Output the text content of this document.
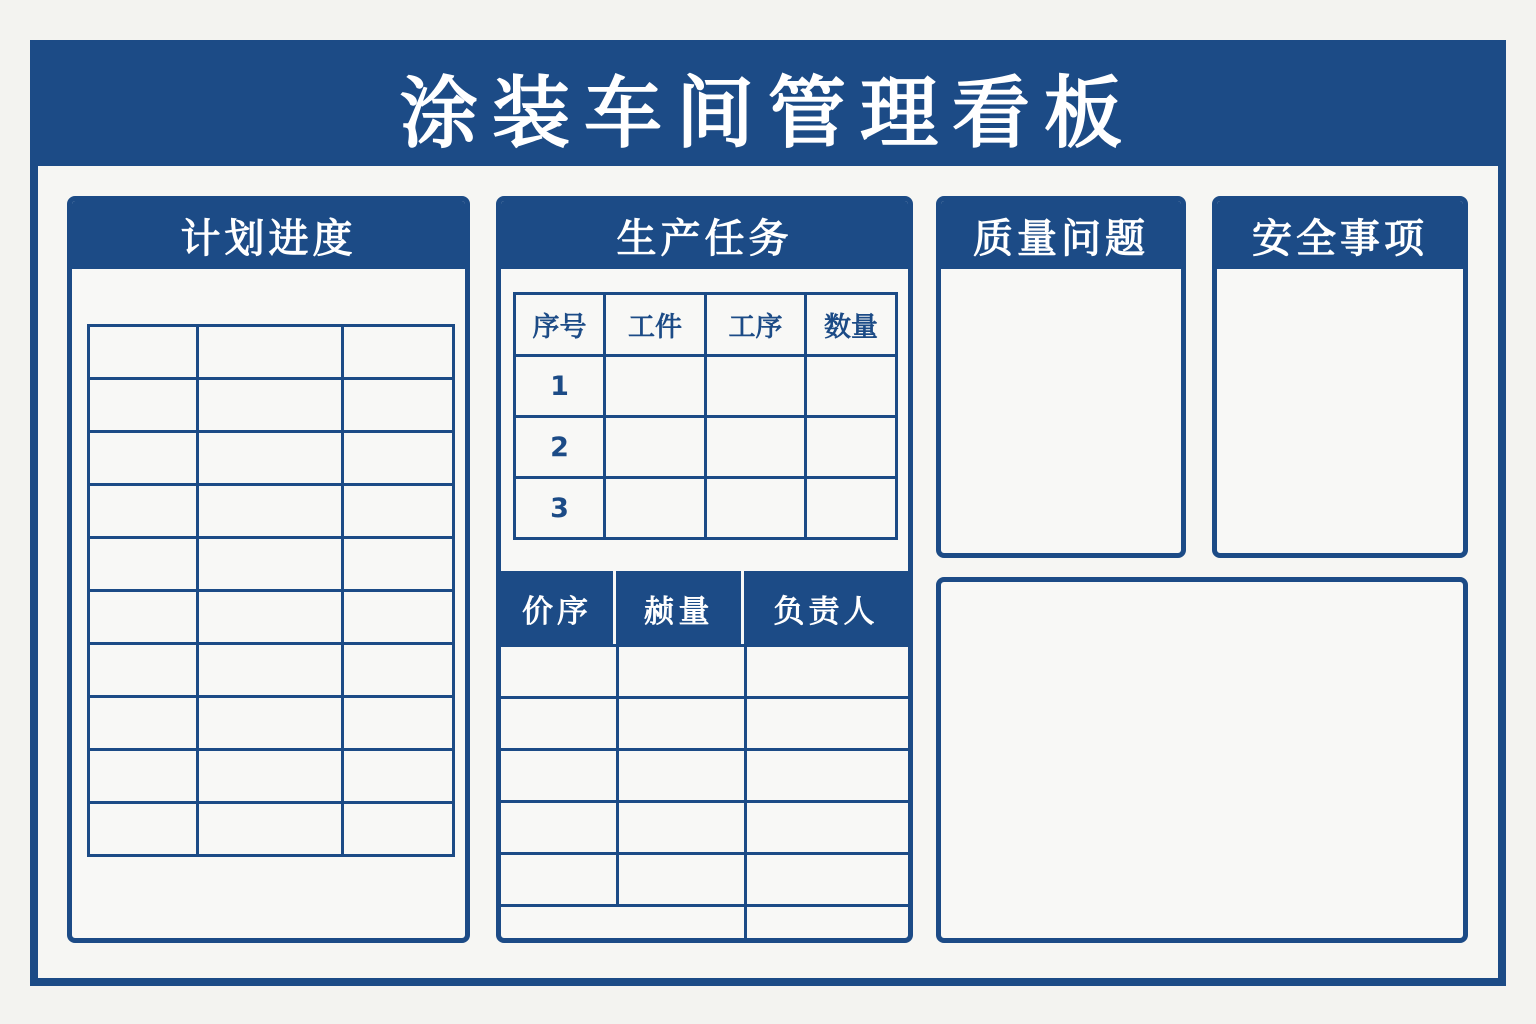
涂装车间管理看板
计划进度

			生产任务
序号	工件	工序	数量
1			
2			
3			
价序	赪量	负责人

质量问题	安全事项
